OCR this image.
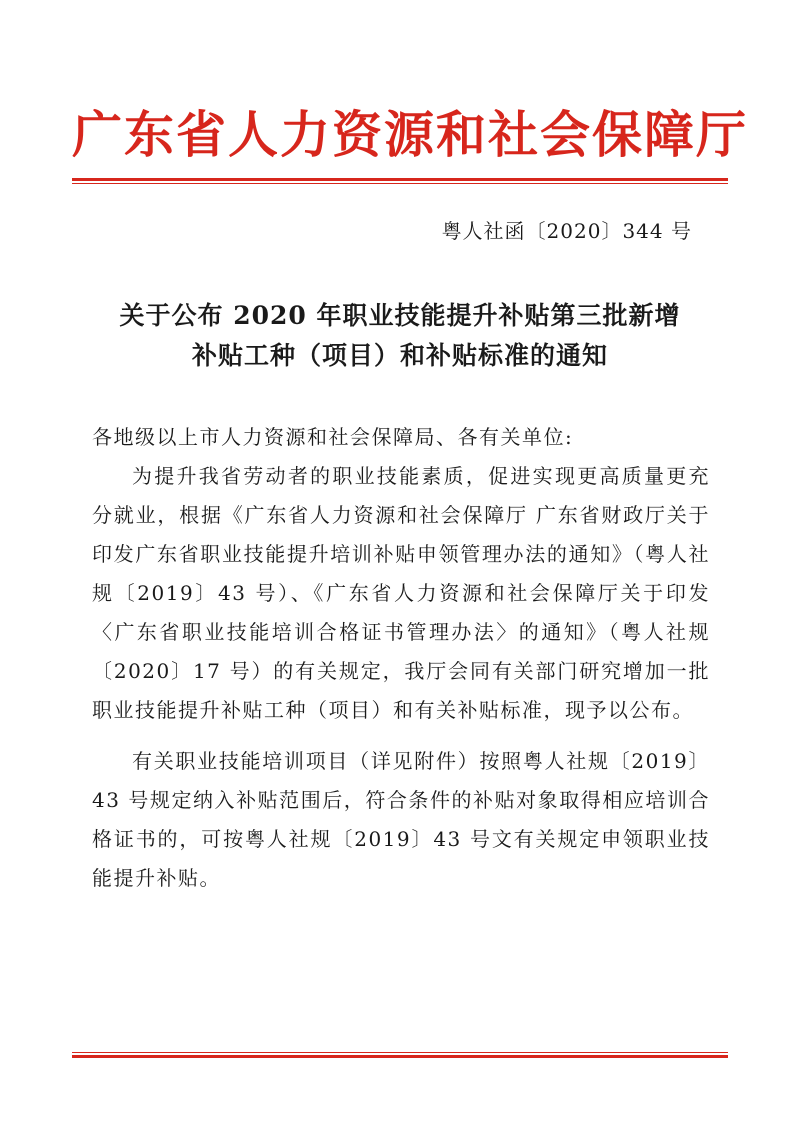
广东省人力资源和社会保障厅
粤人社函〔2020〕344 号
关于公布 2020 年职业技能提升补贴第三批新增
补贴工种（项目）和补贴标准的通知

各地级以上市人力资源和社会保障局、各有关单位:

为提升我省劳动者的职业技能素质，促进实现更高质量更充分就业，根据《广东省人力资源和社会保障厅 广东省财政厅关于印发广东省职业技能提升培训补贴申领管理办法的通知》（粤人社规〔2019〕43 号）、《广东省人力资源和社会保障厅关于印发〈广东省职业技能培训合格证书管理办法〉的通知》（粤人社规〔2020〕17 号）的有关规定，我厅会同有关部门研究增加一批职业技能提升补贴工种（项目）和有关补贴标准，现予以公布。

有关职业技能培训项目（详见附件）按照粤人社规〔2019〕43 号规定纳入补贴范围后，符合条件的补贴对象取得相应培训合格证书的，可按粤人社规〔2019〕43 号文有关规定申领职业技能提升补贴。
